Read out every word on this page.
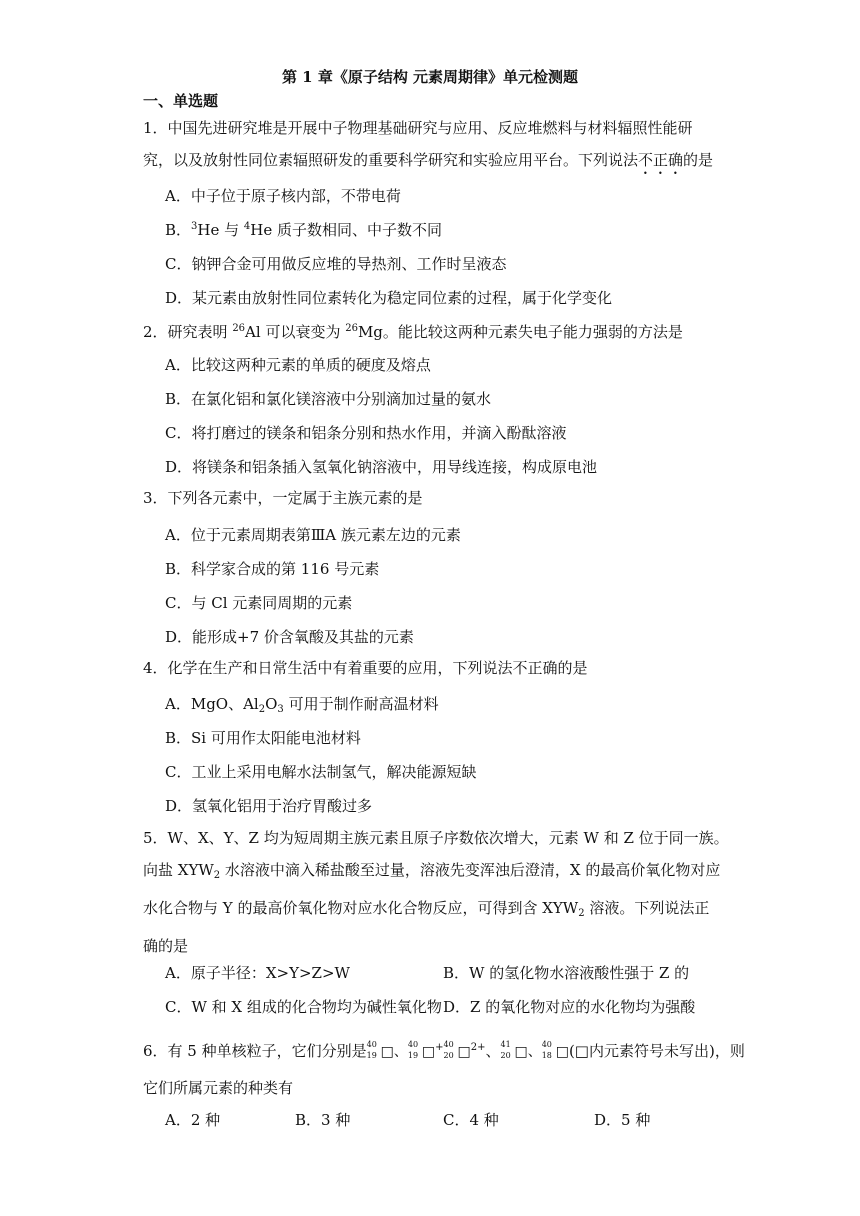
第 1 章《原子结构 元素周期律》单元检测题
一、单选题
1．中国先进研究堆是开展中子物理基础研究与应用、反应堆燃料与材料辐照性能研究，以及放射性同位素辐照研发的重要科学研究和实验应用平台。下列说法不正确的是
A．中子位于原子核内部，不带电荷
B．$^3$He 与 $^4$He 质子数相同、中子数不同
C．钠钾合金可用做反应堆的导热剂、工作时呈液态
D．某元素由放射性同位素转化为稳定同位素的过程，属于化学变化
2．研究表明 $^{26}$Al 可以衰变为 $^{26}$Mg。能比较这两种元素失电子能力强弱的方法是
A．比较这两种元素的单质的硬度及熔点
B．在氯化铝和氯化镁溶液中分别滴加过量的氨水
C．将打磨过的镁条和铝条分别和热水作用，并滴入酚酞溶液
D．将镁条和铝条插入氢氧化钠溶液中，用导线连接，构成原电池
3．下列各元素中，一定属于主族元素的是
A．位于元素周期表第ⅢA 族元素左边的元素
B．科学家合成的第 116 号元素
C．与 Cl 元素同周期的元素
D．能形成+7 价含氧酸及其盐的元素
4．化学在生产和日常生活中有着重要的应用，下列说法不正确的是
A．MgO、$Al_2O_3$ 可用于制作耐高温材料
B．Si 可用作太阳能电池材料
C．工业上采用电解水法制氢气，解决能源短缺
D．氢氧化铝用于治疗胃酸过多
5．W、X、Y、Z 均为短周期主族元素且原子序数依次增大，元素 W 和 Z 位于同一族。
向盐 $XYW_2$ 水溶液中滴入稀盐酸至过量，溶液先变浑浊后澄清，X 的最高价氧化物对应
水化合物与 Y 的最高价氧化物对应水化合物反应，可得到含 $XYW_2$ 溶液。下列说法正
确的是
A．原子半径：X>Y>Z>W	B．W 的氢化物水溶液酸性强于 Z 的
C．W 和 X 组成的化合物均为碱性氧化物 D．Z 的氧化物对应的水化物均为强酸
6．有 5 种单核粒子，它们分别是 40
19 □、 40
19 □+ 40
20 □$^{2+}$、 41
20 □、 40
18 □(□内元素符号未写出)，则
它们所属元素的种类有
A．2 种	B．3 种	C．4 种	D．5 种
